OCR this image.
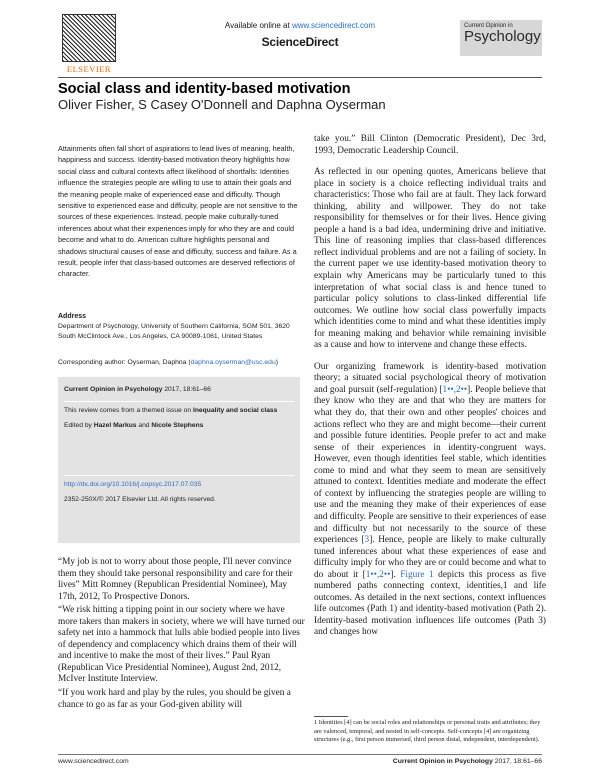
ELSEVIER
Available online at www.sciencedirect.com
ScienceDirect
Current Opinion in
Psychology
Social class and identity-based motivation
Oliver Fisher, S Casey O'Donnell and Daphna Oyserman
Attainments often fall short of aspirations to lead lives of meaning, health, happiness and success. Identity-based motivation theory highlights how social class and cultural contexts affect likelihood of shortfalls: Identities influence the strategies people are willing to use to attain their goals and the meaning people make of experienced ease and difficulty. Though sensitive to experienced ease and difficulty, people are not sensitive to the sources of these experiences. Instead, people make culturally-tuned inferences about what their experiences imply for who they are and could become and what to do. American culture highlights personal and shadows structural causes of ease and difficulty, success and failure. As a result, people infer that class-based outcomes are deserved reflections of character.
Address
Department of Psychology, University of Southern California, SGM 501, 3620 South McClintock Ave., Los Angeles, CA 90089-1061, United States
Corresponding author: Oyserman, Daphna (daphna.oyserman@usc.edu)

Current Opinion in Psychology 2017, 18:61–66

This review comes from a themed issue on Inequality and social class

Edited by Hazel Markus and Nicole Stephens

http://dx.doi.org/10.1016/j.copsyc.2017.07.035

2352-250X/© 2017 Elsevier Ltd. All rights reserved.

“My job is not to worry about those people, I'll never convince them they should take personal responsibility and care for their lives” Mitt Romney (Republican Presidential Nominee), May 17th, 2012, To Prospective Donors.

“We risk hitting a tipping point in our society where we have more takers than makers in society, where we will have turned our safety net into a hammock that lulls able bodied people into lives of dependency and complacency which drains them of their will and incentive to make the most of their lives.” Paul Ryan (Republican Vice Presidential Nominee), August 2nd, 2012, McIver Institute Interview.

“If you work hard and play by the rules, you should be given a chance to go as far as your God-given ability will

take you.” Bill Clinton (Democratic President), Dec 3rd, 1993, Democratic Leadership Council.

As reflected in our opening quotes, Americans believe that place in society is a choice reflecting individual traits and characteristics: Those who fail are at fault. They lack forward thinking, ability and willpower. They do not take responsibility for themselves or for their lives. Hence giving people a hand is a bad idea, undermining drive and initiative. This line of reasoning implies that class-based differences reflect individual problems and are not a failing of society. In the current paper we use identity-based motivation theory to explain why Americans may be particularly tuned to this interpretation of what social class is and hence tuned to particular policy solutions to class-linked differential life outcomes. We outline how social class powerfully impacts which identities come to mind and what these identities imply for meaning making and behavior while remaining invisible as a cause and how to intervene and change these effects.

Our organizing framework is identity-based motivation theory; a situated social psychological theory of motivation and goal pursuit (self-regulation) [1••,2••]. People believe that they know who they are and that who they are matters for what they do, that their own and other peoples' choices and actions reflect who they are and might become—their current and possible future identities. People prefer to act and make sense of their experiences in identity-congruent ways. However, even though identities feel stable, which identities come to mind and what they seem to mean are sensitively attuned to context. Identities mediate and moderate the effect of context by influencing the strategies people are willing to use and the meaning they make of their experiences of ease and difficulty. People are sensitive to their experiences of ease and difficulty but not necessarily to the source of these experiences [3]. Hence, people are likely to make culturally tuned inferences about what these experiences of ease and difficulty imply for who they are or could become and what to do about it [1••,2••]. Figure 1 depicts this process as five numbered paths connecting context, identities,1 and life outcomes. As detailed in the next sections, context influences life outcomes (Path 1) and identity-based motivation (Path 2). Identity-based motivation influences life outcomes (Path 3) and changes how

1 Identities [4] can be social roles and relationships or personal traits and attributes; they are valenced, temporal, and nested in self-concepts. Self-concepts [4] are organizing structures (e.g., first person immersed, third person distal, independent, interdependent).
www.sciencedirect.com	Current Opinion in Psychology 2017, 18:61–66
